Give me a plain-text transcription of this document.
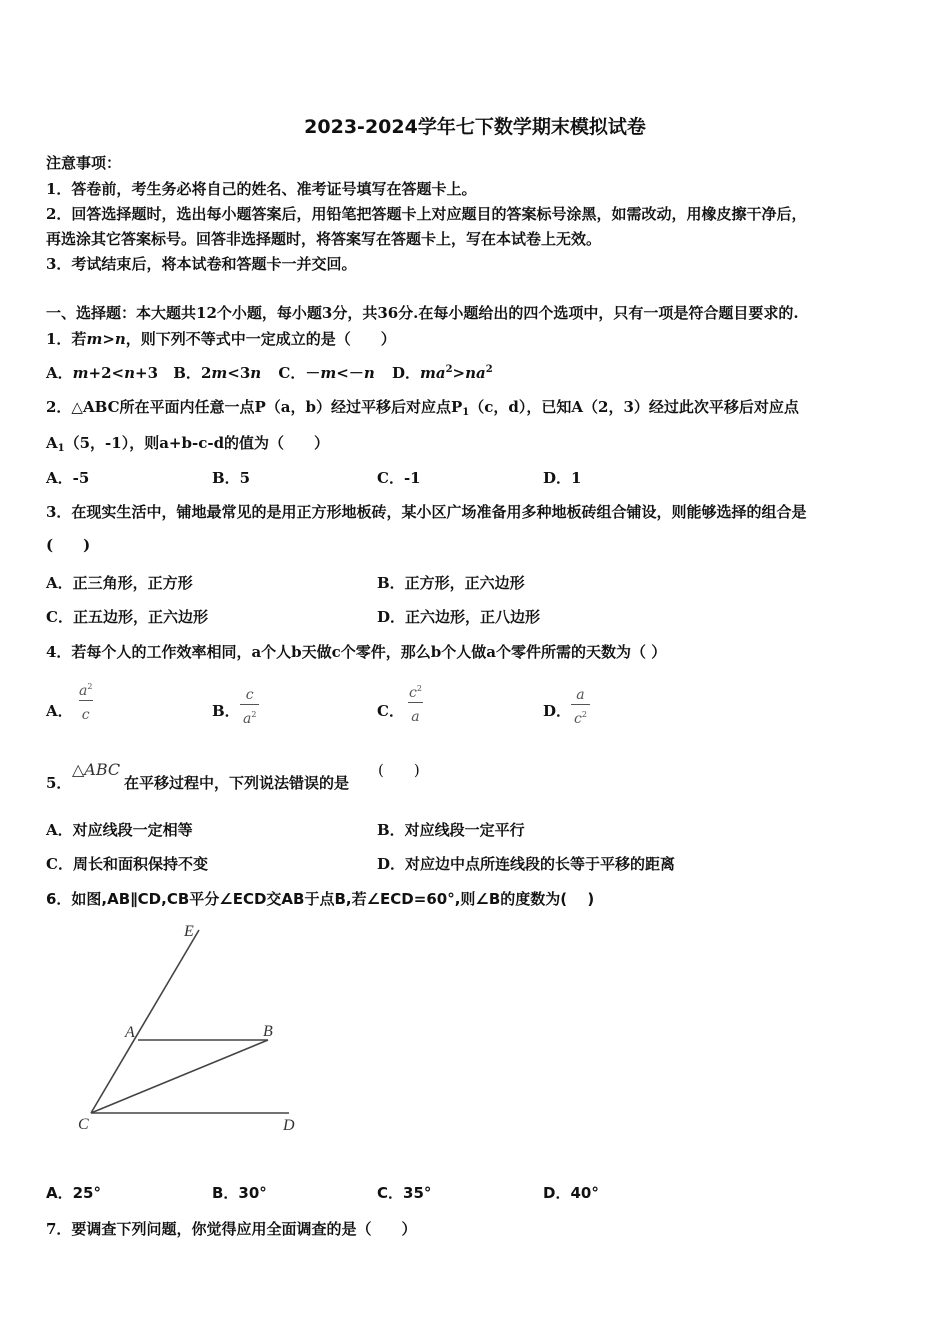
2023-2024学年七下数学期末模拟试卷
注意事项：
1．答卷前，考生务必将自己的姓名、准考证号填写在答题卡上。
2．回答选择题时，选出每小题答案后，用铅笔把答题卡上对应题目的答案标号涂黑，如需改动，用橡皮擦干净后，
再选涂其它答案标号。回答非选择题时，将答案写在答题卡上，写在本试卷上无效。
3．考试结束后，将本试卷和答题卡一并交回。
一、选择题：本大题共12个小题，每小题3分，共36分.在每小题给出的四个选项中，只有一项是符合题目要求的.
1．若m>n，则下列不等式中一定成立的是（　　）
A．m+2<n+3 B．2m<3n C．－m<－n D．$ma^2>na^2$
2．△ABC所在平面内任意一点P（a，b）经过平移后对应点$P_1(c$，d），已知A（2，3）经过此次平移后对应点
$A_1(5$，-1），则a+b-c-d的值为（　　）
A．-5	B．5	C．-1	D．1
3．在现实生活中，铺地最常见的是用正方形地板砖，某小区广场准备用多种地板砖组合铺设，则能够选择的组合是
(　　)
A．正三角形，正方形	B．正方形，正六边形
C．正五边形，正六边形	D．正六边形，正八边形
4．若每个人的工作效率相同，a个人b天做c个零件，那么b个人做a个零件所需的天数为（ ）
A． $\frac{a^2}{c}$	B． $\frac{c}{a^2}$	C． $\frac{c^2}{a}$	D． $\frac{a}{c^2}$
5．
△ABC
在平移过程中，下列说法错误的是
(　　)
A．对应线段一定相等	B．对应线段一定平行
C．周长和面积保持不变	D．对应边中点所连线段的长等于平移的距离
6．如图,AB∥CD,CB平分∠ECD交AB于点B,若∠ECD=60°,则∠B的度数为(　 )
E
A	B
C	D
A．25°	B．30°	C．35°	D．40°
7．要调查下列问题，你觉得应用全面调查的是（　　）
